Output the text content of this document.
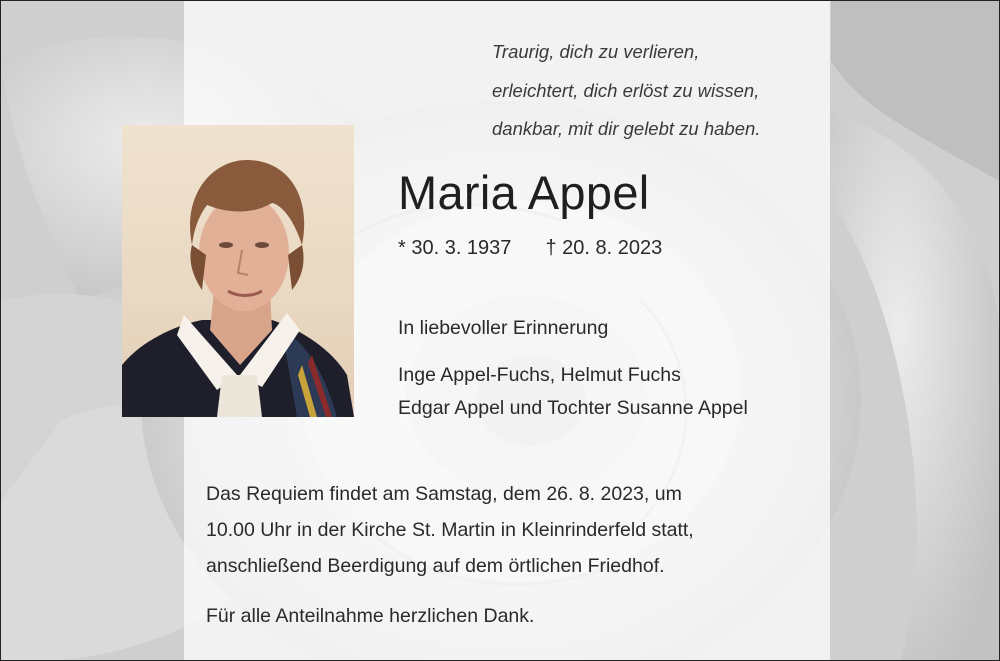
Traurig, dich zu verlieren,
erleichtert, dich erlöst zu wissen,
dankbar, mit dir gelebt zu haben.
Maria Appel
* 30. 3. 1937 † 20. 8. 2023
In liebevoller Erinnerung
Inge Appel-Fuchs, Helmut Fuchs
Edgar Appel und Tochter Susanne Appel
Das Requiem findet am Samstag, dem 26. 8. 2023, um
10.00 Uhr in der Kirche St. Martin in Kleinrinderfeld statt,
anschließend Beerdigung auf dem örtlichen Friedhof.
Für alle Anteilnahme herzlichen Dank.
